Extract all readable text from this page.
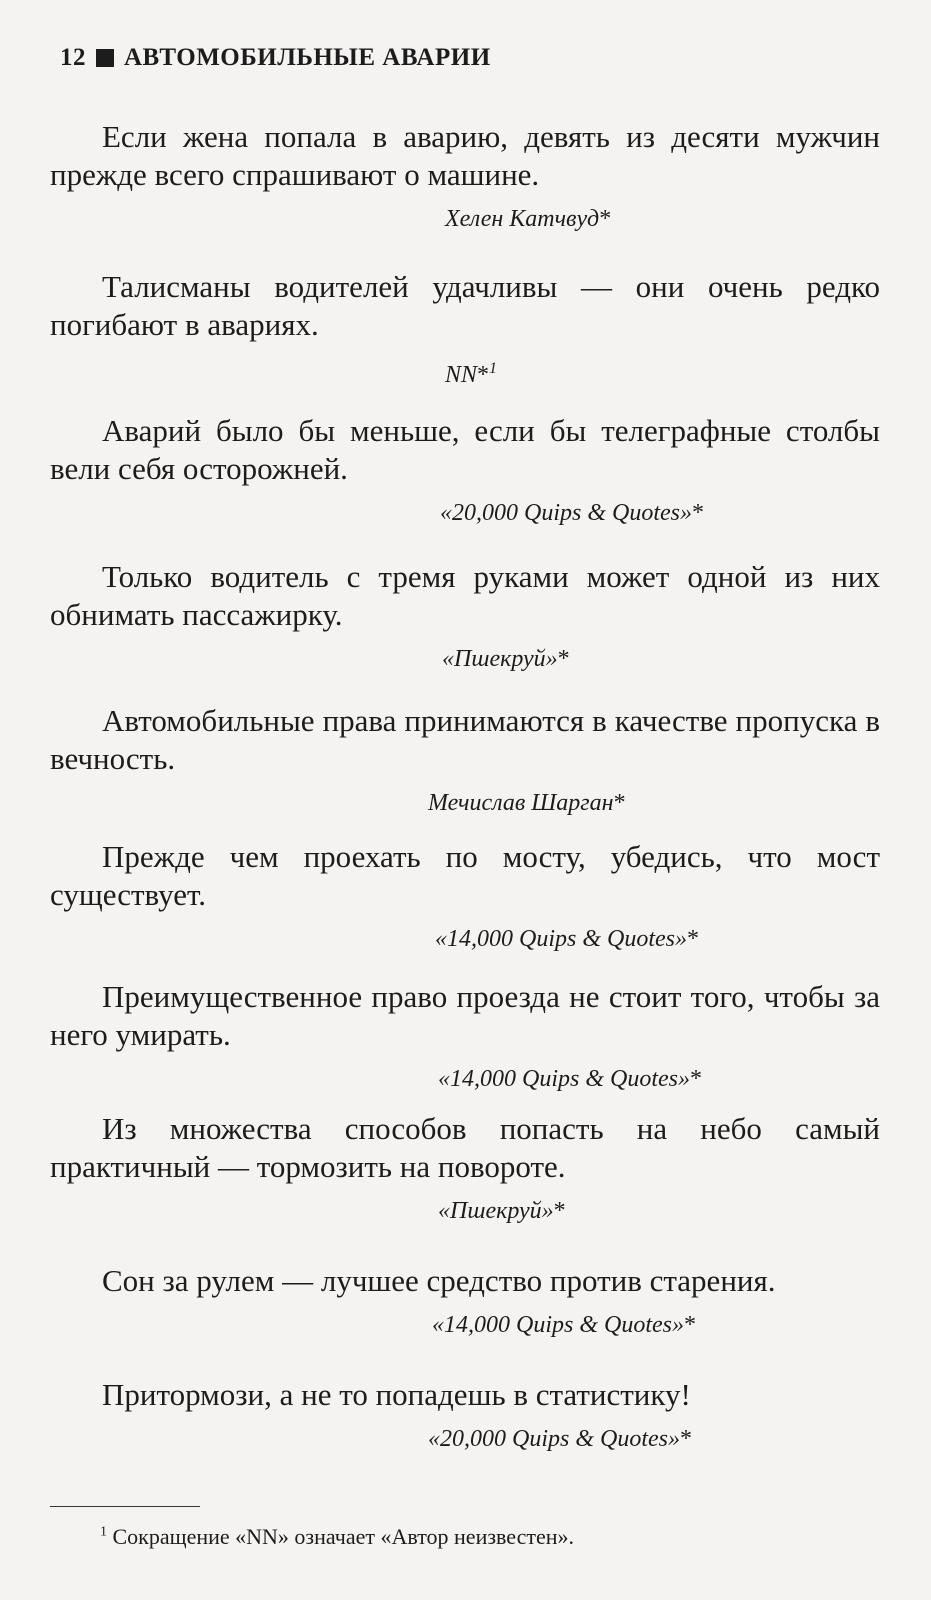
12 АВТОМОБИЛЬНЫЕ АВАРИИ

Если жена попала в аварию, девять из десяти мужчин прежде всего спрашивают о машине.

Хелен Катчвуд*

Талисманы водителей удачливы — они очень редко погибают в авариях.

NN*$^1$

Аварий было бы меньше, если бы телеграфные столбы вели себя осторожней.

«20,000 Quips & Quotes»*

Только водитель с тремя руками может одной из них обнимать пассажирку.

«Пшекруй»*

Автомобильные права принимаются в качестве пропуска в вечность.

Мечислав Шарган*

Прежде чем проехать по мосту, убедись, что мост существует.

«14,000 Quips & Quotes»*

Преимущественное право проезда не стоит того, чтобы за него умирать.

«14,000 Quips & Quotes»*

Из множества способов попасть на небо самый практичный — тормозить на повороте.

«Пшекруй»*

Сон за рулем — лучшее средство против старения.

«14,000 Quips & Quotes»*

Притормози, а не то попадешь в статистику!

«20,000 Quips & Quotes»*
$^1$ Сокращение «NN» означает «Автор неизвестен».
